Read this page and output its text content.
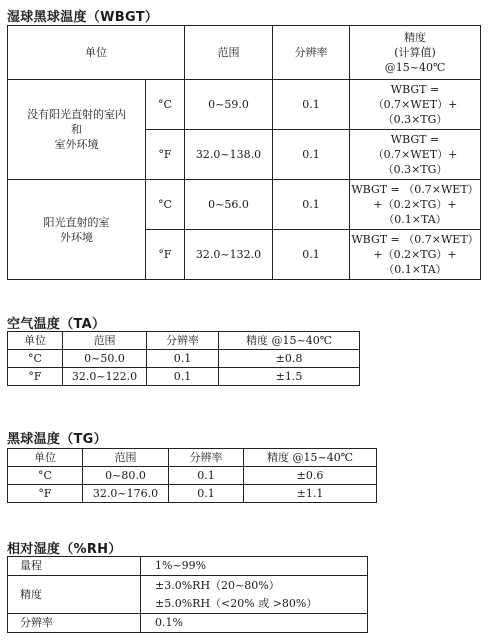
湿球黑球温度（WBGT）
单位		范围	分辨率	精度
(计算值)
@15~40℃

没有阳光直射的室内
和
室外环境	°C	0~59.0	0.1	WBGT =
（0.7×WET）+
（0.3×TG）

	°F	32.0~138.0	0.1	WBGT =
（0.7×WET）+
（0.3×TG）

阳光直射的室
外环境	°C	0~56.0	0.1	WBGT = （0.7×WET）
+（0.2×TG）+
（0.1×TA）

	°F	32.0~132.0	0.1	WBGT = （0.7×WET）
+（0.2×TG）+
（0.1×TA）
空气温度（TA）
单位	范围	分辨率	精度 @15~40℃
°C	0~50.0	0.1	±0.8
°F	32.0~122.0	0.1	±1.5
黑球温度（TG）
单位	范围	分辨率	精度 @15~40℃
°C	0~80.0	0.1	±0.6
°F	32.0~176.0	0.1	±1.1
相对湿度（%RH）
量程	1%~99%
精度	±3.0%RH（20~80%）
±5.0%RH（<20% 或 >80%）

分辨率	0.1%
